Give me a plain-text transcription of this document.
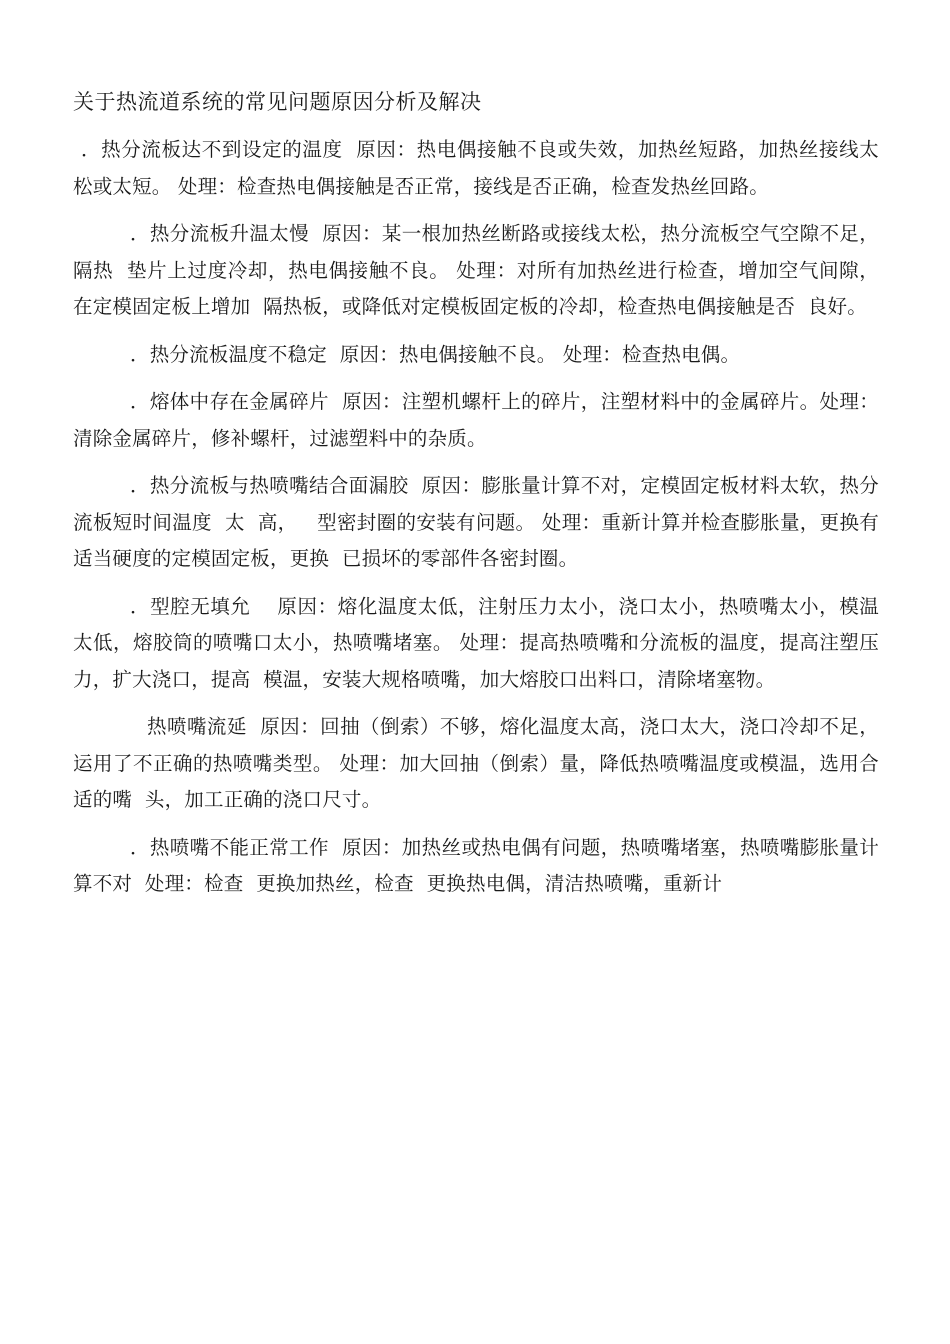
关于热流道系统的常见问题原因分析及解决

．热分流板达不到设定的温度  原因：热电偶接触不良或失效，加热丝短路，加热丝接线太松或太短。 处理：检查热电偶接触是否正常，接线是否正确，检查发热丝回路。

．热分流板升温太慢  原因：某一根加热丝断路或接线太松，热分流板空气空隙不足，隔热  垫片上过度冷却，热电偶接触不良。 处理：对所有加热丝进行检查，增加空气间隙，在定模固定板上增加  隔热板，或降低对定模板固定板的冷却，检查热电偶接触是否  良好。

．热分流板温度不稳定  原因：热电偶接触不良。 处理：检查热电偶。

．熔体中存在金属碎片  原因：注塑机螺杆上的碎片，注塑材料中的金属碎片。处理：清除金属碎片，修补螺杆，过滤塑料中的杂质。

．热分流板与热喷嘴结合面漏胶  原因：膨胀量计算不对，定模固定板材料太软，热分流板短时间温度  太  高，   型密封圈的安装有问题。 处理：重新计算并检查膨胀量，更换有适当硬度的定模固定板，更换  已损坏的零部件各密封圈。

．型腔无填允    原因：熔化温度太低，注射压力太小，浇口太小，热喷嘴太小，模温  太低，熔胶筒的喷嘴口太小，热喷嘴堵塞。 处理：提高热喷嘴和分流板的温度，提高注塑压力，扩大浇口，提高  模温，安装大规格喷嘴，加大熔胶口出料口，清除堵塞物。

热喷嘴流延  原因：回抽（倒索）不够，熔化温度太高，浇口太大，浇口冷却不足，   运用了不正确的热喷嘴类型。 处理：加大回抽（倒索）量，降低热喷嘴温度或模温，选用合适的嘴  头，加工正确的浇口尺寸。

．热喷嘴不能正常工作  原因：加热丝或热电偶有问题，热喷嘴堵塞，热喷嘴膨胀量计算不对  处理：检查  更换加热丝，检查  更换热电偶，清洁热喷嘴，重新计
